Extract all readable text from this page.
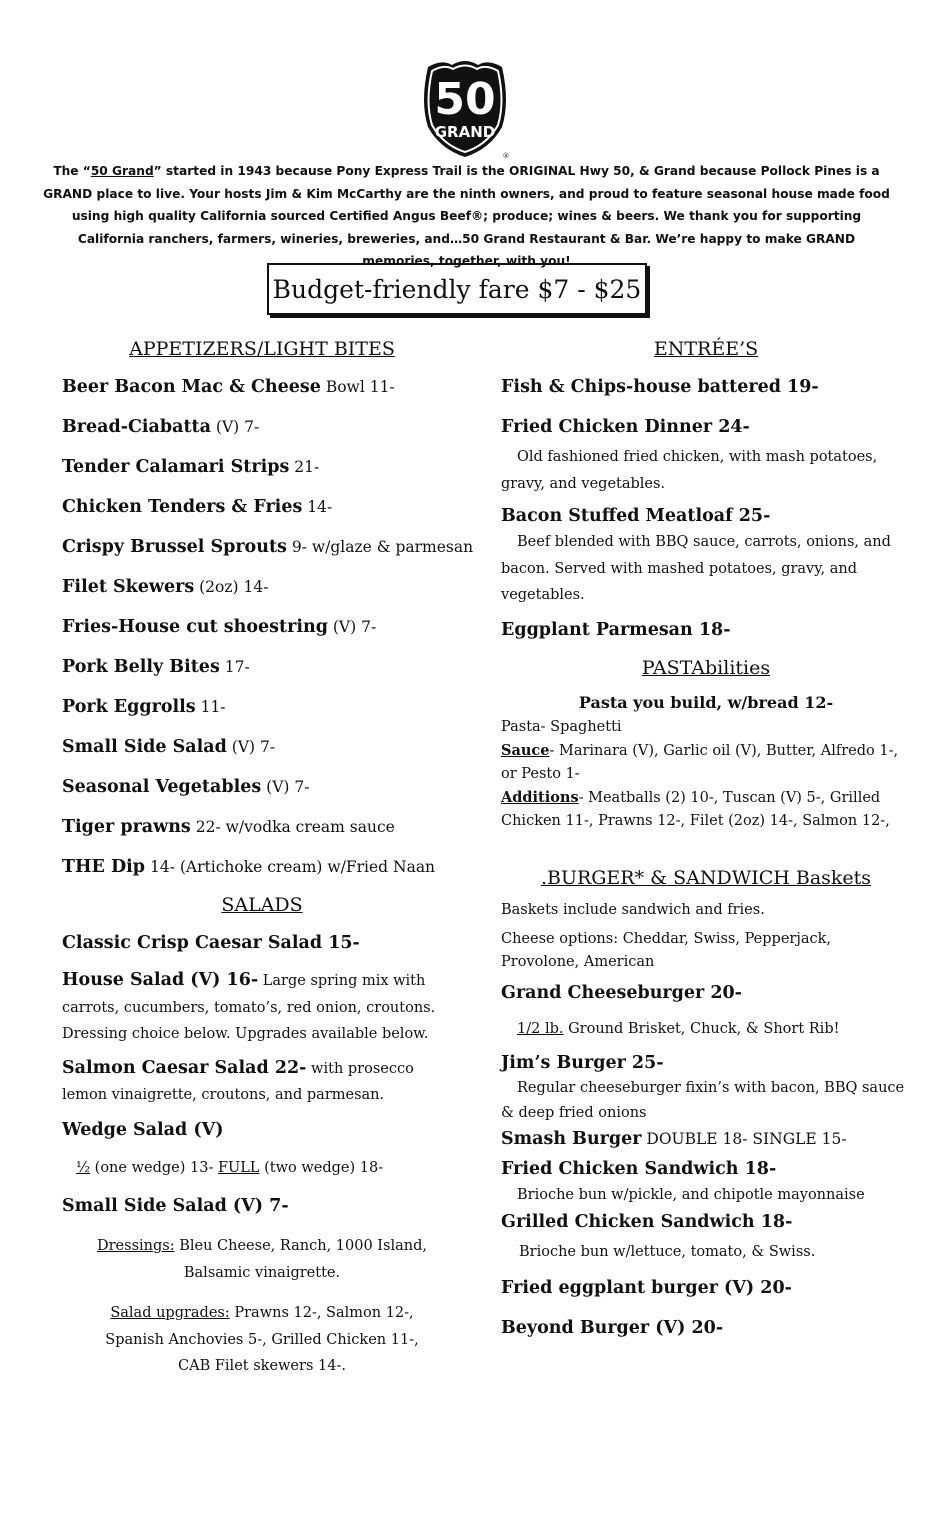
50
GRAND
®
The “50 Grand” started in 1943 because Pony Express Trail is the ORIGINAL Hwy 50, & Grand because Pollock Pines is a GRAND place to live. Your hosts Jim & Kim McCarthy are the ninth owners, and proud to feature seasonal house made food using high quality California sourced Certified Angus Beef®; produce; wines & beers. We thank you for supporting California ranchers, farmers, wineries, breweries, and…50 Grand Restaurant & Bar. We’re happy to make GRAND memories, together, with you!
Budget-friendly fare $7 - $25
APPETIZERS/LIGHT BITES
Beer Bacon Mac & Cheese Bowl 11-
Bread-Ciabatta (V) 7-
Tender Calamari Strips 21-
Chicken Tenders & Fries 14-
Crispy Brussel Sprouts 9- w/glaze & parmesan
Filet Skewers (2oz) 14-
Fries-House cut shoestring (V) 7-
Pork Belly Bites 17-
Pork Eggrolls 11-
Small Side Salad (V) 7-
Seasonal Vegetables (V) 7-
Tiger prawns 22- w/vodka cream sauce
THE Dip 14- (Artichoke cream) w/Fried Naan
SALADS
Classic Crisp Caesar Salad 15-
House Salad (V) 16- Large spring mix with carrots, cucumbers, tomato’s, red onion, croutons. Dressing choice below. Upgrades available below.
Salmon Caesar Salad 22- with prosecco lemon vinaigrette, croutons, and parmesan.
Wedge Salad (V)
½ (one wedge) 13- FULL (two wedge) 18-
Small Side Salad (V) 7-
Dressings: Bleu Cheese, Ranch, 1000 Island, Balsamic vinaigrette.
Salad upgrades: Prawns 12-, Salmon 12-, Spanish Anchovies 5-, Grilled Chicken 11-, CAB Filet skewers 14-.
ENTRÉE’S
Fish & Chips-house battered 19-
Fried Chicken Dinner 24-
Old fashioned fried chicken, with mash potatoes, gravy, and vegetables.
Bacon Stuffed Meatloaf 25-
Beef blended with BBQ sauce, carrots, onions, and bacon. Served with mashed potatoes, gravy, and vegetables.
Eggplant Parmesan 18-
PASTAbilities
Pasta you build, w/bread 12-
Pasta- Spaghetti
Sauce- Marinara (V), Garlic oil (V), Butter, Alfredo 1-, or Pesto 1-
Additions- Meatballs (2) 10-, Tuscan (V) 5-, Grilled Chicken 11-, Prawns 12-, Filet (2oz) 14-, Salmon 12-,
.BURGER* & SANDWICH Baskets
Baskets include sandwich and fries.
Cheese options: Cheddar, Swiss, Pepperjack, Provolone, American
Grand Cheeseburger 20-
1/2 lb. Ground Brisket, Chuck, & Short Rib!
Jim’s Burger 25-
Regular cheeseburger fixin’s with bacon, BBQ sauce & deep fried onions
Smash Burger DOUBLE 18- SINGLE 15-
Fried Chicken Sandwich 18-
Brioche bun w/pickle, and chipotle mayonnaise
Grilled Chicken Sandwich 18-
Brioche bun w/lettuce, tomato, & Swiss.
Fried eggplant burger (V) 20-
Beyond Burger (V) 20-
